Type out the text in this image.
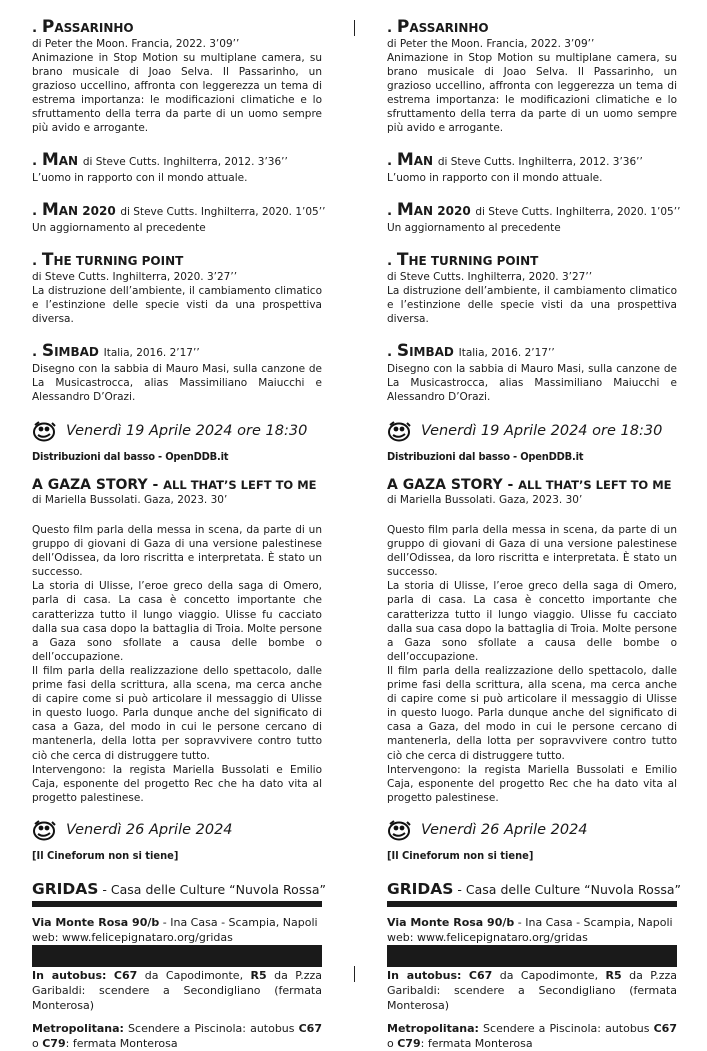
. PASSARINHO
di Peter the Moon. Francia, 2022. 3’09’’
Animazione in Stop Motion su multiplane camera, su brano musicale di Joao Selva. Il Passarinho, un grazioso uccellino, affronta con leggerezza un tema di estrema importanza: le modificazioni climatiche e lo sfruttamento della terra da parte di un uomo sempre più avido e arrogante.
. MAN di Steve Cutts. Inghilterra, 2012. 3’36’’
L’uomo in rapporto con il mondo attuale.
. MAN 2020 di Steve Cutts. Inghilterra, 2020. 1’05’’
Un aggiornamento al precedente
. THE TURNING POINT
di Steve Cutts. Inghilterra, 2020. 3’27’’
La distruzione dell’ambiente, il cambiamento climatico e l’estinzione delle specie visti da una prospettiva diversa.
. SIMBAD Italia, 2016. 2’17’’
Disegno con la sabbia di Mauro Masi, sulla canzone de La Musicastrocca, alias Massimiliano Maiucchi e Alessandro D’Orazi.
Venerdì 19 Aprile 2024 ore 18:30
Distribuzioni dal basso - OpenDDB.it
A GAZA STORY - ALL THAT’S LEFT TO ME
di Mariella Bussolati. Gaza, 2023. 30’

Questo film parla della messa in scena, da parte di un gruppo di giovani di Gaza di una versione palestinese dell’Odissea, da loro riscritta e interpretata. È stato un successo.

La storia di Ulisse, l’eroe greco della saga di Omero, parla di casa. La casa è concetto importante che caratterizza tutto il lungo viaggio. Ulisse fu cacciato dalla sua casa dopo la battaglia di Troia. Molte persone a Gaza sono sfollate a causa delle bombe o dell’occupazione.

Il film parla della realizzazione dello spettacolo, dalle prime fasi della scrittura, alla scena, ma cerca anche di capire come si può articolare il messaggio di Ulisse in questo luogo. Parla dunque anche del significato di casa a Gaza, del modo in cui le persone cercano di mantenerla, della lotta per sopravvivere contro tutto ciò che cerca di distruggere tutto.

Intervengono: la regista Mariella Bussolati e Emilio Caja, esponente del progetto Rec che ha dato vita al progetto palestinese.

Venerdì 26 Aprile 2024
[Il Cineforum non si tiene]
GRIDAS - Casa delle Culture “Nuvola Rossa”
Via Monte Rosa 90/b - Ina Casa - Scampia, Napoli
web: www.felicepignataro.org/gridas
In autobus: C67 da Capodimonte, R5 da P.zza Garibaldi: scendere a Secondigliano (fermata Monterosa)
Metropolitana: Scendere a Piscinola: autobus C67 o C79: fermata Monterosa
. PASSARINHO
di Peter the Moon. Francia, 2022. 3’09’’
Animazione in Stop Motion su multiplane camera, su brano musicale di Joao Selva. Il Passarinho, un grazioso uccellino, affronta con leggerezza un tema di estrema importanza: le modificazioni climatiche e lo sfruttamento della terra da parte di un uomo sempre più avido e arrogante.
. MAN di Steve Cutts. Inghilterra, 2012. 3’36’’
L’uomo in rapporto con il mondo attuale.
. MAN 2020 di Steve Cutts. Inghilterra, 2020. 1’05’’
Un aggiornamento al precedente
. THE TURNING POINT
di Steve Cutts. Inghilterra, 2020. 3’27’’
La distruzione dell’ambiente, il cambiamento climatico e l’estinzione delle specie visti da una prospettiva diversa.
. SIMBAD Italia, 2016. 2’17’’
Disegno con la sabbia di Mauro Masi, sulla canzone de La Musicastrocca, alias Massimiliano Maiucchi e Alessandro D’Orazi.
Venerdì 19 Aprile 2024 ore 18:30
Distribuzioni dal basso - OpenDDB.it
A GAZA STORY - ALL THAT’S LEFT TO ME
di Mariella Bussolati. Gaza, 2023. 30’

Questo film parla della messa in scena, da parte di un gruppo di giovani di Gaza di una versione palestinese dell’Odissea, da loro riscritta e interpretata. È stato un successo.

La storia di Ulisse, l’eroe greco della saga di Omero, parla di casa. La casa è concetto importante che caratterizza tutto il lungo viaggio. Ulisse fu cacciato dalla sua casa dopo la battaglia di Troia. Molte persone a Gaza sono sfollate a causa delle bombe o dell’occupazione.

Il film parla della realizzazione dello spettacolo, dalle prime fasi della scrittura, alla scena, ma cerca anche di capire come si può articolare il messaggio di Ulisse in questo luogo. Parla dunque anche del significato di casa a Gaza, del modo in cui le persone cercano di mantenerla, della lotta per sopravvivere contro tutto ciò che cerca di distruggere tutto.

Intervengono: la regista Mariella Bussolati e Emilio Caja, esponente del progetto Rec che ha dato vita al progetto palestinese.

Venerdì 26 Aprile 2024
[Il Cineforum non si tiene]
GRIDAS - Casa delle Culture “Nuvola Rossa”
Via Monte Rosa 90/b - Ina Casa - Scampia, Napoli
web: www.felicepignataro.org/gridas
In autobus: C67 da Capodimonte, R5 da P.zza Garibaldi: scendere a Secondigliano (fermata Monterosa)
Metropolitana: Scendere a Piscinola: autobus C67 o C79: fermata Monterosa
